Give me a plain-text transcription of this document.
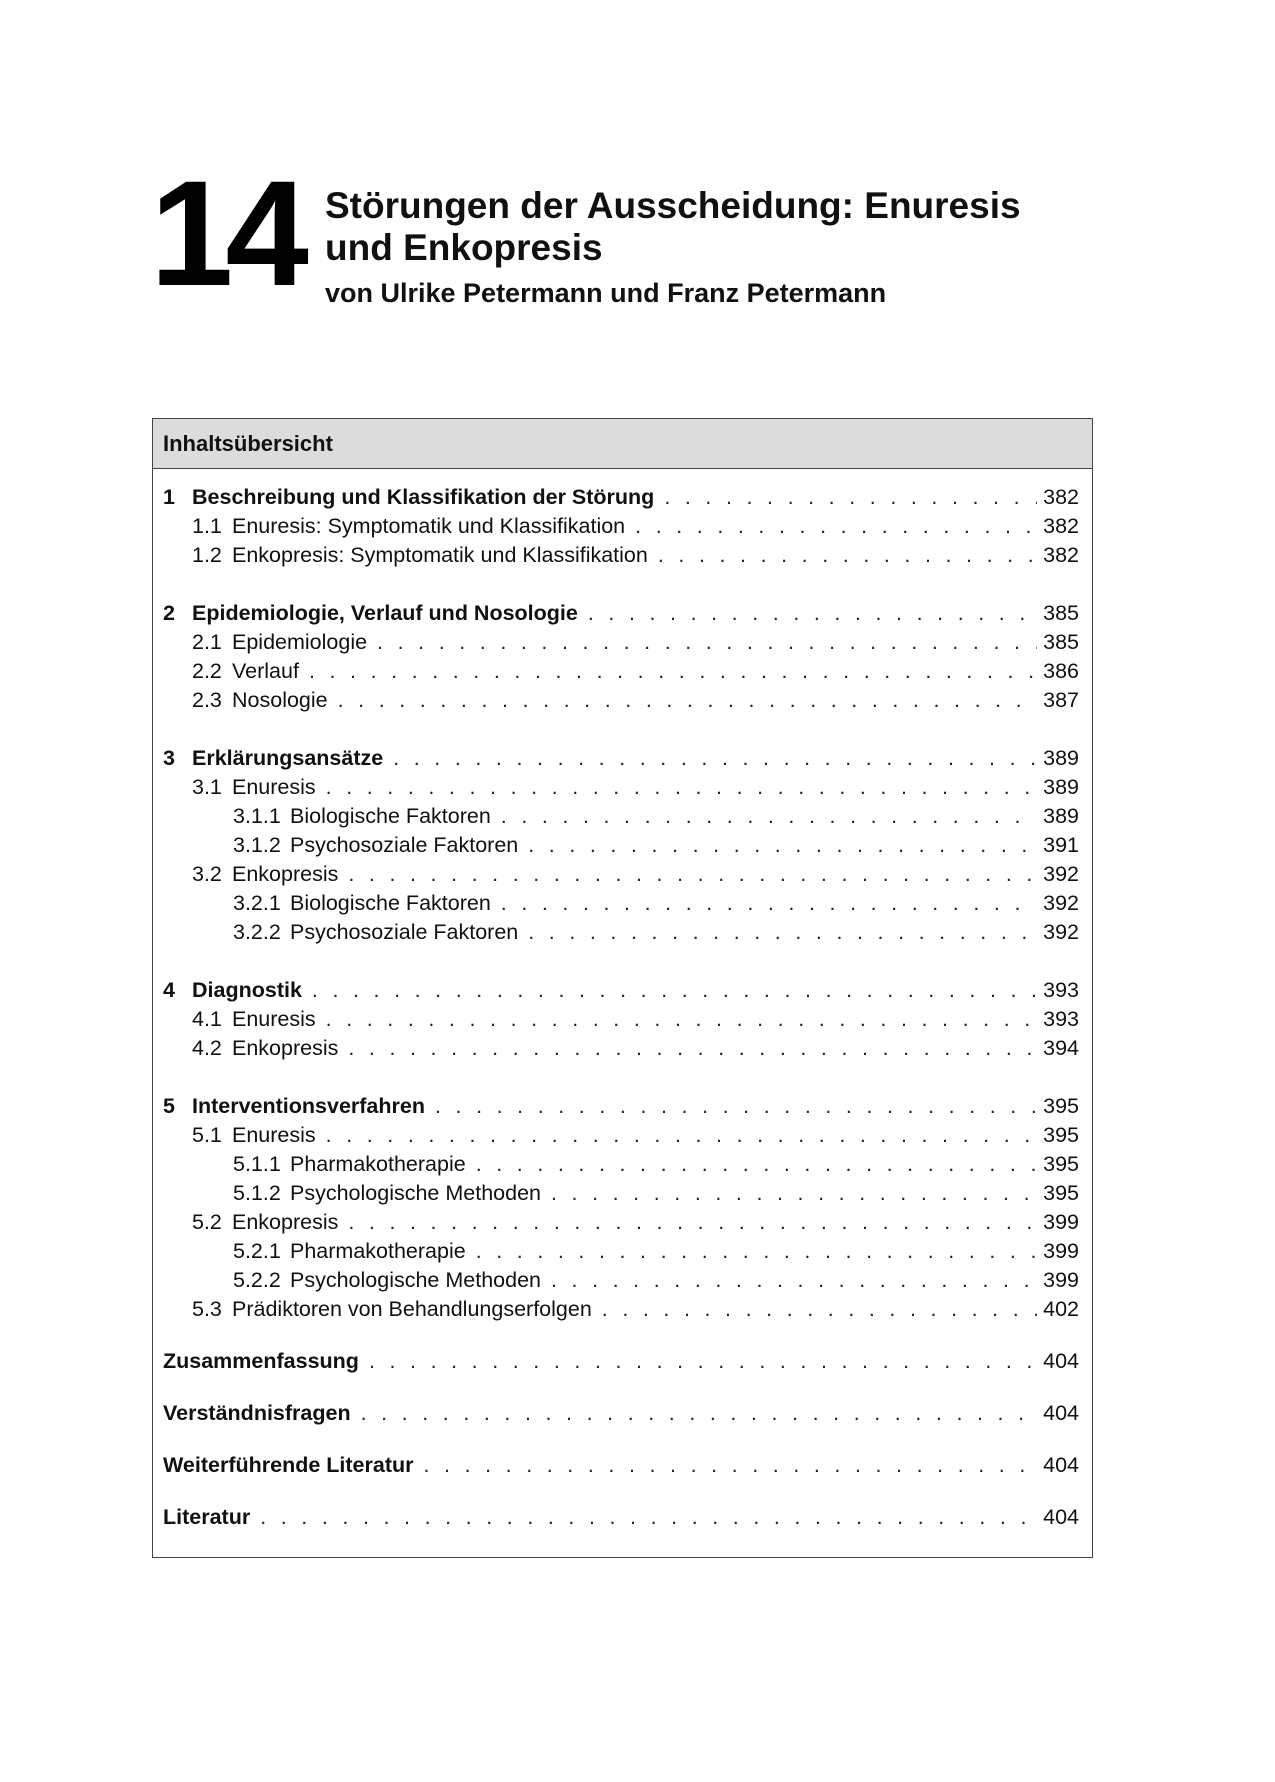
14 Störungen der Ausscheidung: Enuresis
und Enkopresis
von Ulrike Petermann und Franz Petermann
Inhaltsübersicht
1 Beschreibung und Klassifikation der Störung . . .	382
1.1 Enuresis: Symptomatik und Klassifikation . . .	382
1.2 Enkopresis: Symptomatik und Klassifikation . . .	382
2 Epidemiologie, Verlauf und Nosologie . . .	385
2.1 Epidemiologie . . .	385
2.2 Verlauf . . .	386
2.3 Nosologie . . .	387
3 Erklärungsansätze . . .	389
3.1 Enuresis . . .	389
3.1.1 Biologische Faktoren . . .	389
3.1.2 Psychosoziale Faktoren . . .	391
3.2 Enkopresis . . .	392
3.2.1 Biologische Faktoren . . .	392
3.2.2 Psychosoziale Faktoren . . .	392
4 Diagnostik . . .	393
4.1 Enuresis . . .	393
4.2 Enkopresis . . .	394
5 Interventionsverfahren . . .	395
5.1 Enuresis . . .	395
5.1.1 Pharmakotherapie . . .	395
5.1.2 Psychologische Methoden . . .	395
5.2 Enkopresis . . .	399
5.2.1 Pharmakotherapie . . .	399
5.2.2 Psychologische Methoden . . .	399
5.3 Prädiktoren von Behandlungserfolgen . . .	402
Zusammenfassung . . .	404
Verständnisfragen . . .	404
Weiterführende Literatur . . .	404
Literatur . . .	404
